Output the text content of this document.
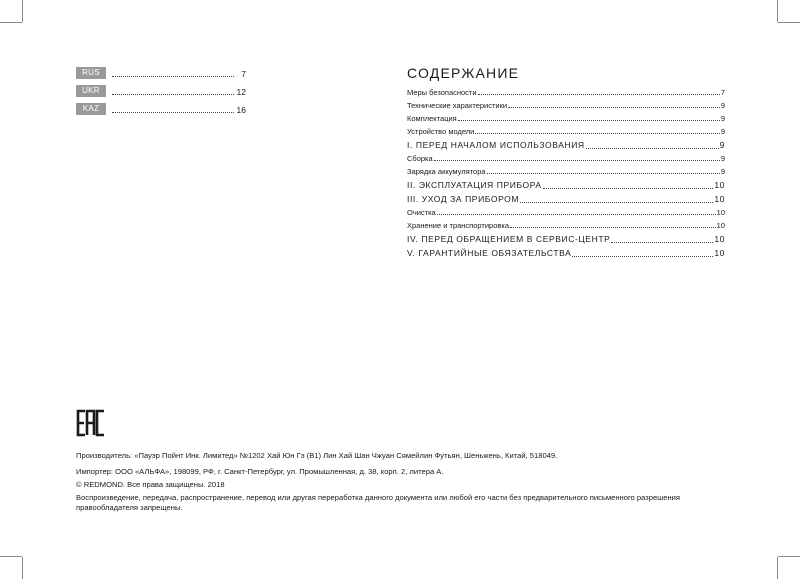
RUS	7
UKR	12
KAZ	16
СОДЕРЖАНИЕ
Меры безопасности	7
Технические характеристики	9
Комплектация	9
Устройство модели	9
I. ПЕРЕД НАЧАЛОМ ИСПОЛЬЗОВАНИЯ	9
Сборка	9
Зарядка аккумулятора	9
II. ЭКСПЛУАТАЦИЯ ПРИБОРА	10
III. УХОД ЗА ПРИБОРОМ	10
Очистка	10
Хранение и транспортировка	10
IV. ПЕРЕД ОБРАЩЕНИЕМ В СЕРВИС-ЦЕНТР	10
V. ГАРАНТИЙНЫЕ ОБЯЗАТЕЛЬСТВА	10

Производитель: «Пауэр Пойнт Инк. Лимитед» №1202 Хай Юн Гэ (B1) Лин Хай Шан Чжуан Сямейлин Футьян, Шеньжень, Китай, 518049.

Импортер: ООО «АЛЬФА», 198099, РФ, г. Санкт-Петербург, ул. Промышленная, д. 38, корп. 2, литера А.

© REDMOND. Все права защищены. 2018

Воспроизведение, передача, распространение, перевод или другая переработка данного документа или любой его части без предварительного письменного разрешения правообладателя запрещены.
